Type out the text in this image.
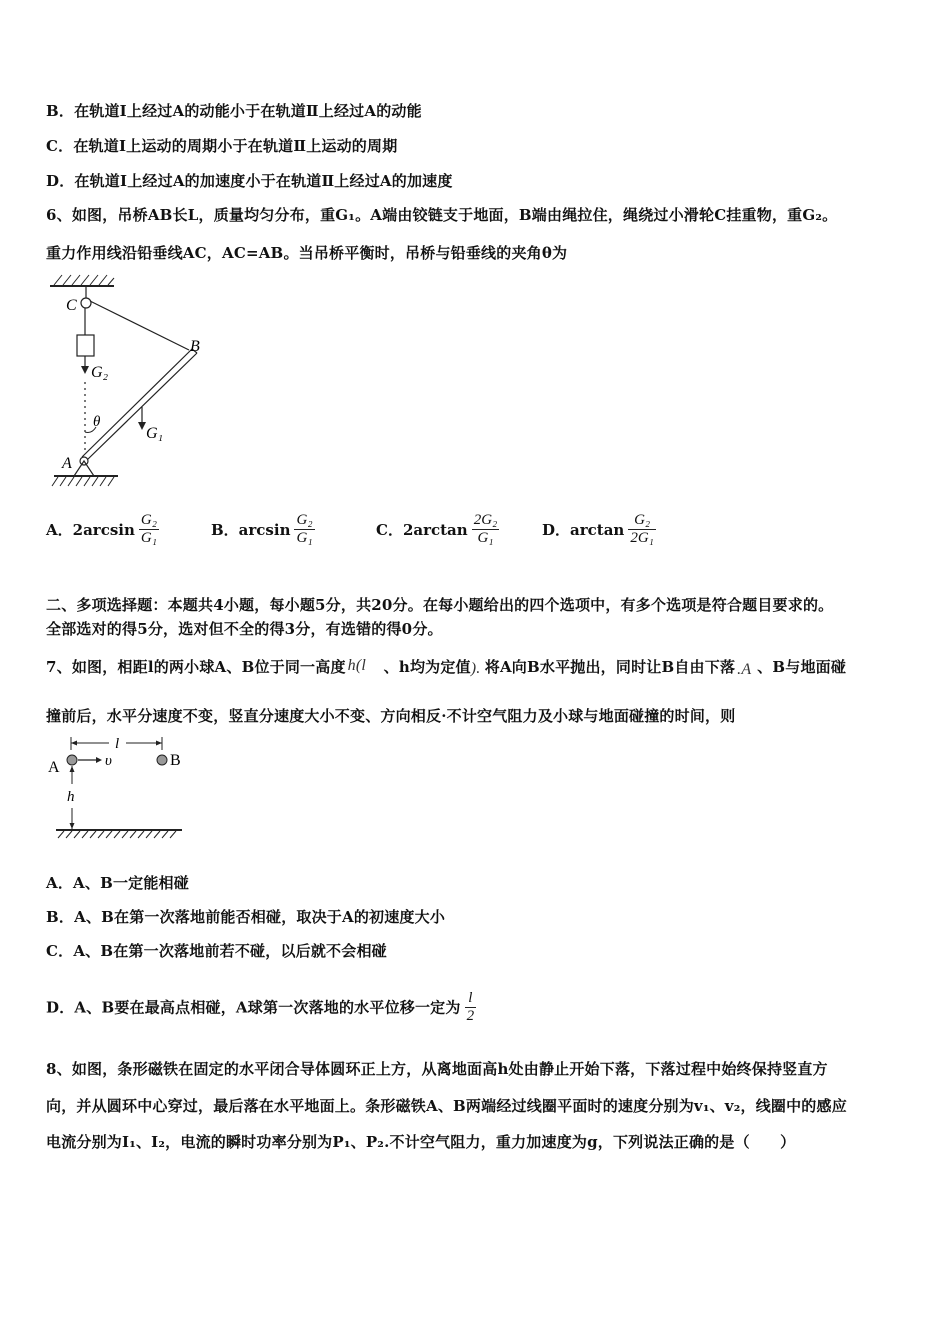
B．在轨道Ⅰ上经过A的动能小于在轨道Ⅱ上经过A的动能
C．在轨道Ⅰ上运动的周期小于在轨道Ⅱ上运动的周期
D．在轨道Ⅰ上经过A的加速度小于在轨道Ⅱ上经过A的加速度
6、如图，吊桥AB长L，质量均匀分布，重G₁。A端由铰链支于地面，B端由绳拉住，绳绕过小滑轮C挂重物，重G₂。
重力作用线沿铅垂线AC，AC=AB。当吊桥平衡时，吊桥与铅垂线的夹角θ为
C
G₂
B
G₁
θ
A
A．$2\arcsin \frac{\text{G₂}}{\text{G₁}}$	B．$\arcsin \frac{\text{G₂}}{\text{G₁}}$	C．$2\arctan \frac{\text{2G₂}}{\text{G₁}}$	D．$\arctan \frac{\text{G₂}}{\text{2G₁}}$
二、多项选择题：本题共4小题，每小题5分，共20分。在每小题给出的四个选项中，有多个选项是符合题目要求的。
全部选对的得5分，选对但不全的得3分，有选错的得0分。
7、如图，相距l的两小球A、B位于同一高度 h(l 、h均为定值 ). 将A向B水平抛出，同时让B自由下落 .A 、B与地面碰
撞前后，水平分速度不变，竖直分速度大小不变、方向相反·不计空气阻力及小球与地面碰撞的时间，则
l
A	υ	B
h
A．A、B一定能相碰
B．A、B在第一次落地前能否相碰，取决于A的初速度大小
C．A、B在第一次落地前若不碰，以后就不会相碰
D．A、B要在最高点相碰，A球第一次落地的水平位移一定为 $\frac{l}{2}$
8、如图，条形磁铁在固定的水平闭合导体圆环正上方，从离地面高h处由静止开始下落，下落过程中始终保持竖直方
向，并从圆环中心穿过，最后落在水平地面上。条形磁铁A、B两端经过线圈平面时的速度分别为v₁、v₂，线圈中的感应
电流分别为I₁、I₂，电流的瞬时功率分别为P₁、P₂.不计空气阻力，重力加速度为g，下列说法正确的是（　　）
